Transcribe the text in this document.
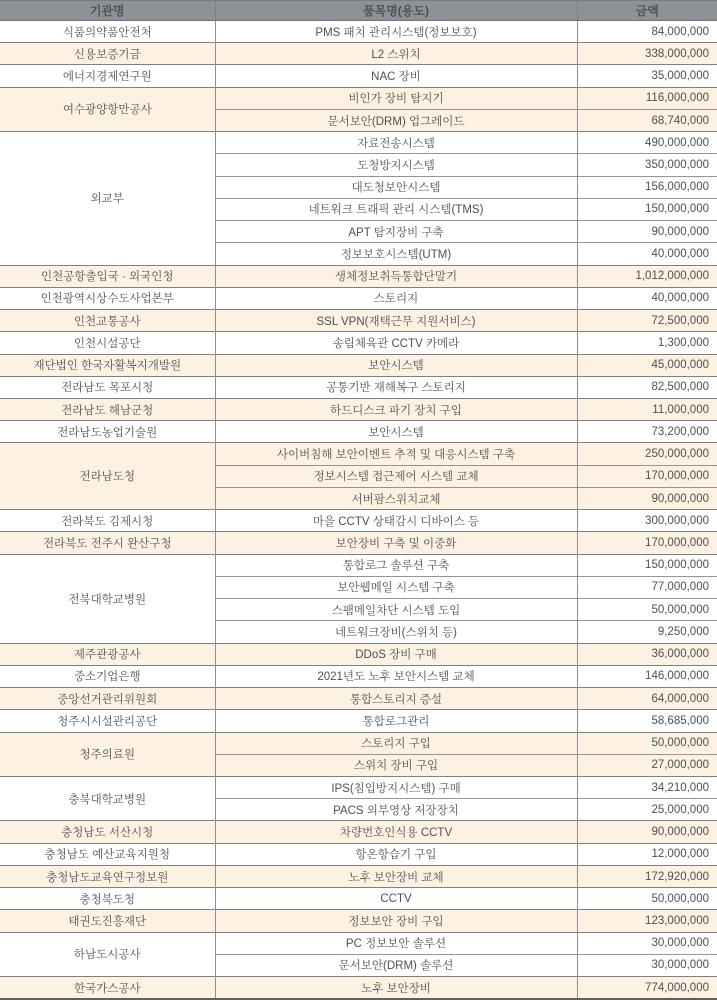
기관명	품목명(용도)	금액
식품의약품안전처	PMS 패치 관리시스템(정보보호)	84,000,000
신용보증기금	L2 스위치	338,000,000
에너지경제연구원	NAC 장비	35,000,000
여수광양항만공사	비인가 장비 탐지기	116,000,000
	문서보안(DRM) 업그레이드	68,740,000
외교부	자료전송시스템	490,000,000
	도청방지시스템	350,000,000
	대도청보안시스템	156,000,000
	네트워크 트래픽 관리 시스템(TMS)	150,000,000
	APT 탐지장비 구축	90,000,000
	정보보호시스템(UTM)	40,000,000
인천공항출입국 · 외국인청	생체정보취득통합단말기	1,012,000,000
인천광역시상수도사업본부	스토리지	40,000,000
인천교통공사	SSL VPN(재택근무 지원서비스)	72,500,000
인천시설공단	송림체육관 CCTV 카메라	1,300,000
재단법인 한국자활복지개발원	보안시스템	45,000,000
전라남도 목포시청	공통기반 재해복구 스토리지	82,500,000
전라남도 해남군청	하드디스크 파기 장치 구입	11,000,000
전라남도농업기술원	보안시스템	73,200,000
전라남도청	사이버침해 보안이벤트 추적 및 대응시스템 구축	250,000,000
	정보시스템 접근제어 시스템 교체	170,000,000
	서버팜스위치교체	90,000,000
전라북도 김제시청	마을 CCTV 상태감시 디바이스 등	300,000,000
전라북도 전주시 완산구청	보안장비 구축 및 이중화	170,000,000
전북대학교병원	통합로그 솔루션 구축	150,000,000
	보안웹메일 시스템 구축	77,000,000
	스팸메일차단 시스템 도입	50,000,000
	네트워크장비(스위치 등)	9,250,000
제주관광공사	DDoS 장비 구매	36,000,000
중소기업은행	2021년도 노후 보안시스템 교체	146,000,000
중앙선거관리위원회	통합스토리지 증설	64,000,000
청주시시설관리공단	통합로그관리	58,685,000
청주의료원	스토리지 구입	50,000,000
	스위치 장비 구입	27,000,000
충북대학교병원	IPS(침입방지시스템) 구매	34,210,000
	PACS 외부영상 저장장치	25,000,000
충청남도 서산시청	차량번호인식용 CCTV	90,000,000
충청남도 예산교육지원청	항온항습기 구입	12,000,000
충청남도교육연구정보원	노후 보안장비 교체	172,920,000
충청북도청	CCTV	50,000,000
태권도진흥재단	정보보안 장비 구입	123,000,000
하남도시공사	PC 정보보안 솔루션	30,000,000
	문서보안(DRM) 솔루션	30,000,000
한국가스공사	노후 보안장비	774,000,000
